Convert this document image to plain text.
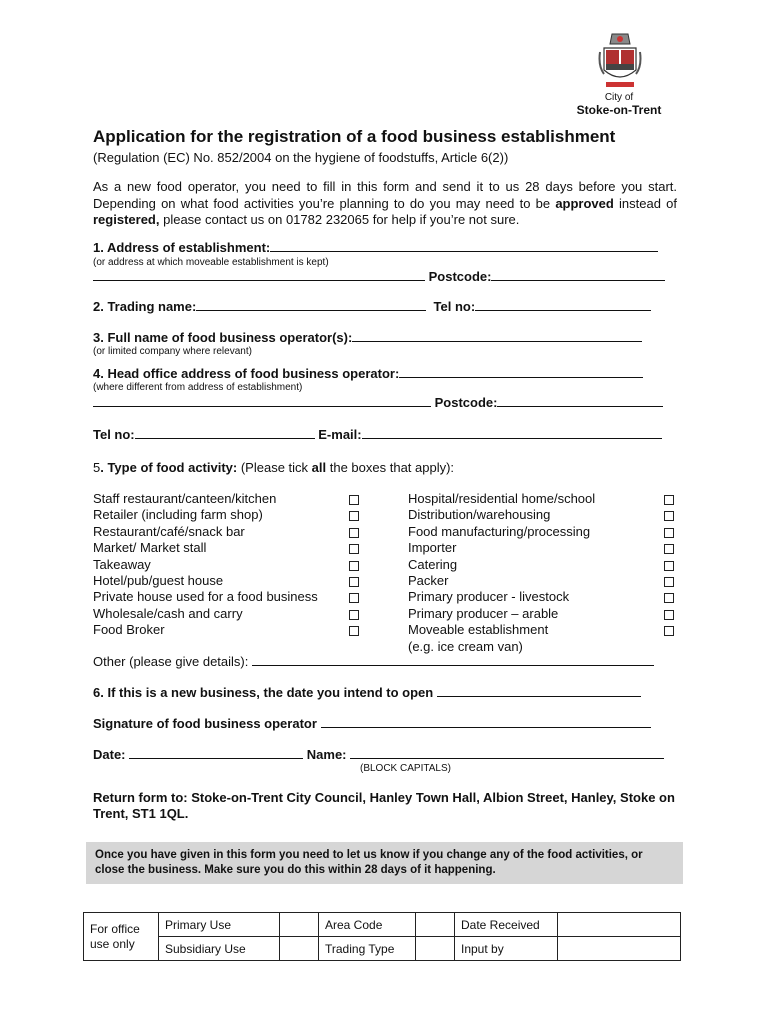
City of
Stoke-on-Trent
Application for the registration of a food business establishment
(Regulation (EC) No. 852/2004 on the hygiene of foodstuffs, Article 6(2))
As a new food operator, you need to fill in this form and send it to us 28 days before you start. Depending on what food activities you’re planning to do you may need to be approved instead of registered, please contact us on 01782 232065 for help if you’re not sure.
1. Address of establishment:
(or address at which moveable establishment is kept)
Postcode:
2. Trading name:	Tel no:
3. Full name of food business operator(s):
(or limited company where relevant)
4. Head office address of food business operator:
(where different from address of establishment)
Postcode:
Tel no:	E-mail:
5. Type of food activity: (Please tick all the boxes that apply):
Staff restaurant/canteen/kitchen
Retailer (including farm shop)
Restaurant/café/snack bar
Market/ Market stall
Takeaway
Hotel/pub/guest house
Private house used for a food business
Wholesale/cash and carry
Food Broker
Hospital/residential home/school
Distribution/warehousing
Food manufacturing/processing
Importer
Catering
Packer
Primary producer - livestock
Primary producer – arable
Moveable establishment
(e.g. ice cream van)
Other (please give details):
6. If this is a new business, the date you intend to open
Signature of food business operator
Date:	Name:
(BLOCK CAPITALS)
Return form to: Stoke-on-Trent City Council, Hanley Town Hall, Albion Street, Hanley, Stoke on Trent, ST1 1QL.
Once you have given in this form you need to let us know if you change any of the food activities, or close the business. Make sure you do this within 28 days of it happening.
For office use only	Primary Use		Area Code		Date Received	
	Subsidiary Use		Trading Type		Input by	
